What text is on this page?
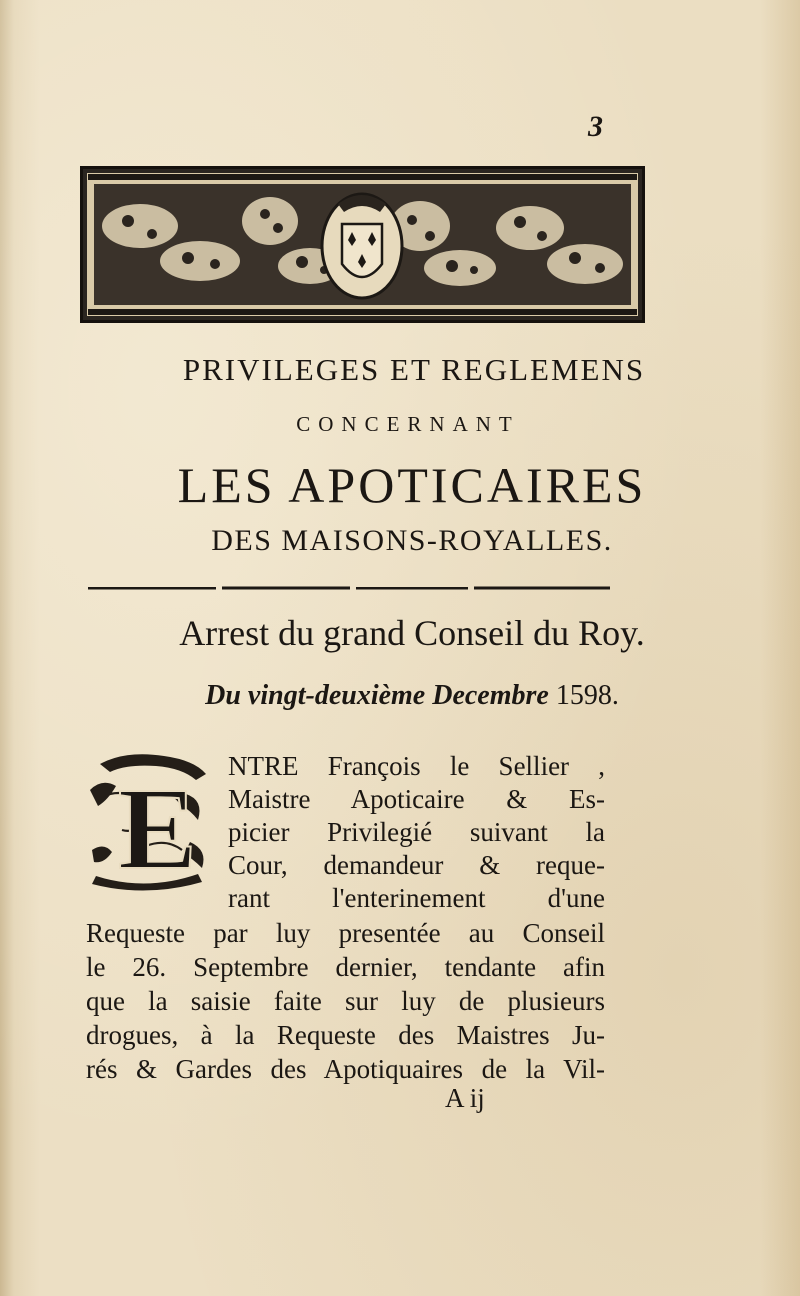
3
PRIVILEGES ET REGLEMENS
CONCERNANT
LES APOTICAIRES
DES MAISONS-ROYALLES.
Arrest du grand Conseil du Roy.
Du vingt-deuxième Decembre 1598.
E NTRE François le Sellier ,
Maistre Apoticaire & Es-
picier Privilegié suivant la
Cour, demandeur & reque-
rant l'enterinement d'une
Requeste par luy presentée au Conseil
le 26. Septembre dernier, tendante afin
que la saisie faite sur luy de plusieurs
drogues, à la Requeste des Maistres Ju-
rés & Gardes des Apotiquaires de la Vil-
A ij
